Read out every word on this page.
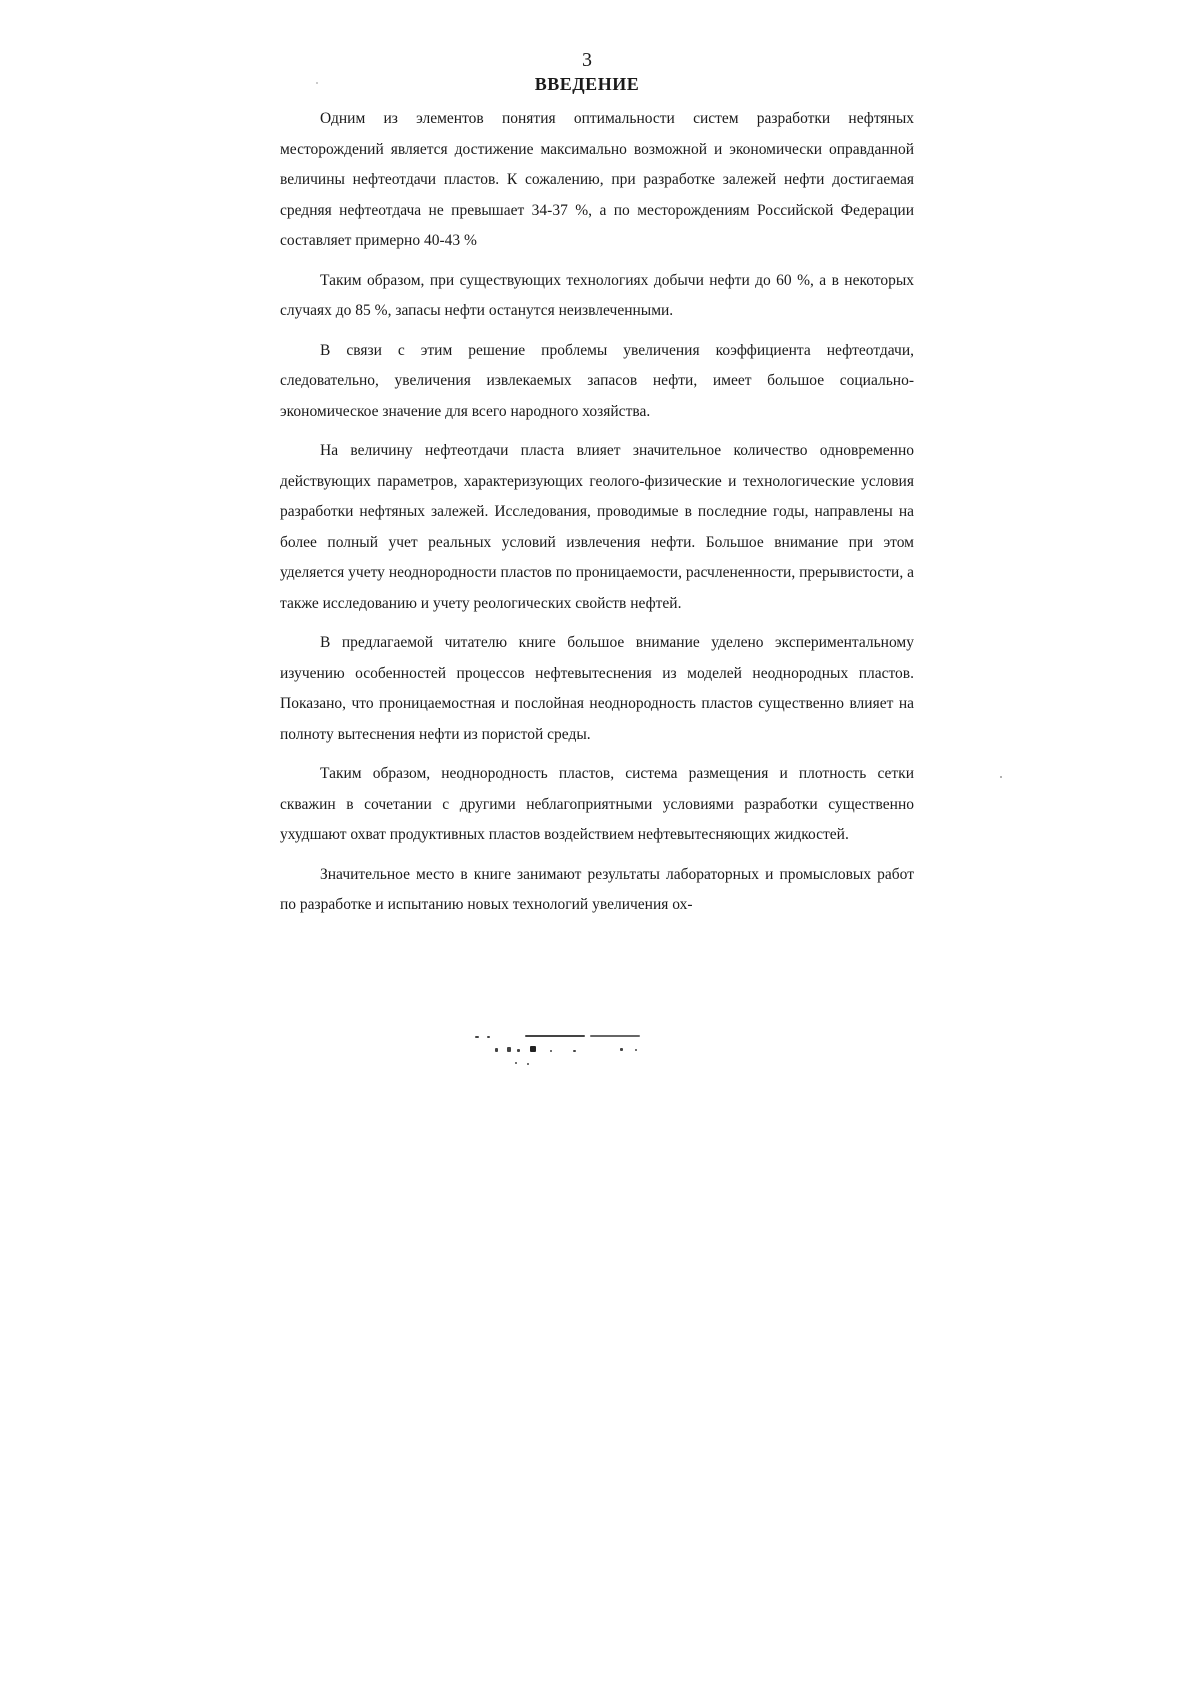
3
ВВЕДЕНИЕ

Одним из элементов понятия оптимальности систем разработки нефтяных месторождений является достижение максимально возможной и экономически оправданной величины нефтеотдачи пластов. К сожалению, при разработке залежей нефти достигаемая средняя нефтеотдача не превышает 34-37 %, а по месторождениям Российской Федерации составляет примерно 40-43 %

Таким образом, при существующих технологиях добычи нефти до 60 %, а в некоторых случаях до 85 %, запасы нефти останутся неизвлеченными.

В связи с этим решение проблемы увеличения коэффициента нефтеотдачи, следовательно, увеличения извлекаемых запасов нефти, имеет большое социально-экономическое значение для всего народного хозяйства.

На величину нефтеотдачи пласта влияет значительное количество одновременно действующих параметров, характеризующих геолого-физические и технологические условия разработки нефтяных залежей. Исследования, проводимые в последние годы, направлены на более полный учет реальных условий извлечения нефти. Большое внимание при этом уделяется учету неоднородности пластов по проницаемости, расчлененности, прерывистости, а также исследованию и учету реологических свойств нефтей.

В предлагаемой читателю книге большое внимание уделено экспериментальному изучению особенностей процессов нефтевытеснения из моделей неоднородных пластов. Показано, что проницаемостная и послойная неоднородность пластов существенно влияет на полноту вытеснения нефти из пористой среды.

Таким образом, неоднородность пластов, система размещения и плотность сетки скважин в сочетании с другими неблагоприятными условиями разработки существенно ухудшают охват продуктивных пластов воздействием нефтевытесняющих жидкостей.

Значительное место в книге занимают результаты лабораторных и промысловых работ по разработке и испытанию новых технологий увеличения ох-
